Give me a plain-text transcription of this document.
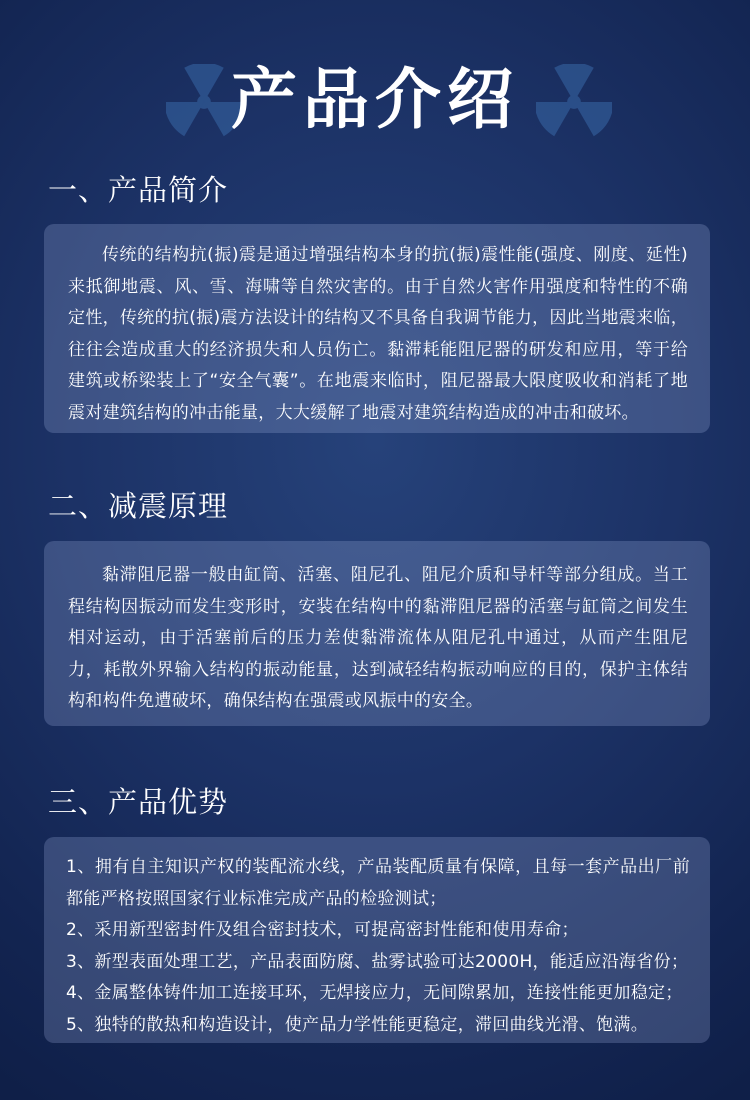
产品介绍
一、产品简介

传统的结构抗(振)震是通过增强结构本身的抗(振)震性能(强度、刚度、延性)来抵御地震、风、雪、海啸等自然灾害的。由于自然火害作用强度和特性的不确定性，传统的抗(振)震方法设计的结构又不具备自我调节能力，因此当地震来临，往往会造成重大的经济损失和人员伤亡。黏滞耗能阻尼器的研发和应用，等于给建筑或桥梁装上了“安全气囊”。在地震来临时，阻尼器最大限度吸收和消耗了地震对建筑结构的冲击能量，大大缓解了地震对建筑结构造成的冲击和破坏。

二、减震原理

黏滞阻尼器一般由缸筒、活塞、阻尼孔、阻尼介质和导杆等部分组成。当工程结构因振动而发生变形时，安装在结构中的黏滞阻尼器的活塞与缸筒之间发生相对运动，由于活塞前后的压力差使黏滞流体从阻尼孔中通过，从而产生阻尼力，耗散外界输入结构的振动能量，达到减轻结构振动响应的目的，保护主体结构和构件免遭破坏，确保结构在强震或风振中的安全。

三、产品优势
1、拥有自主知识产权的装配流水线，产品装配质量有保障，且每一套产品出厂前都能严格按照国家行业标准完成产品的检验测试；
2、采用新型密封件及组合密封技术，可提高密封性能和使用寿命；
3、新型表面处理工艺，产品表面防腐、盐雾试验可达2000H，能适应沿海省份；
4、金属整体铸件加工连接耳环，无焊接应力，无间隙累加，连接性能更加稳定；
5、独特的散热和构造设计，使产品力学性能更稳定，滞回曲线光滑、饱满。
